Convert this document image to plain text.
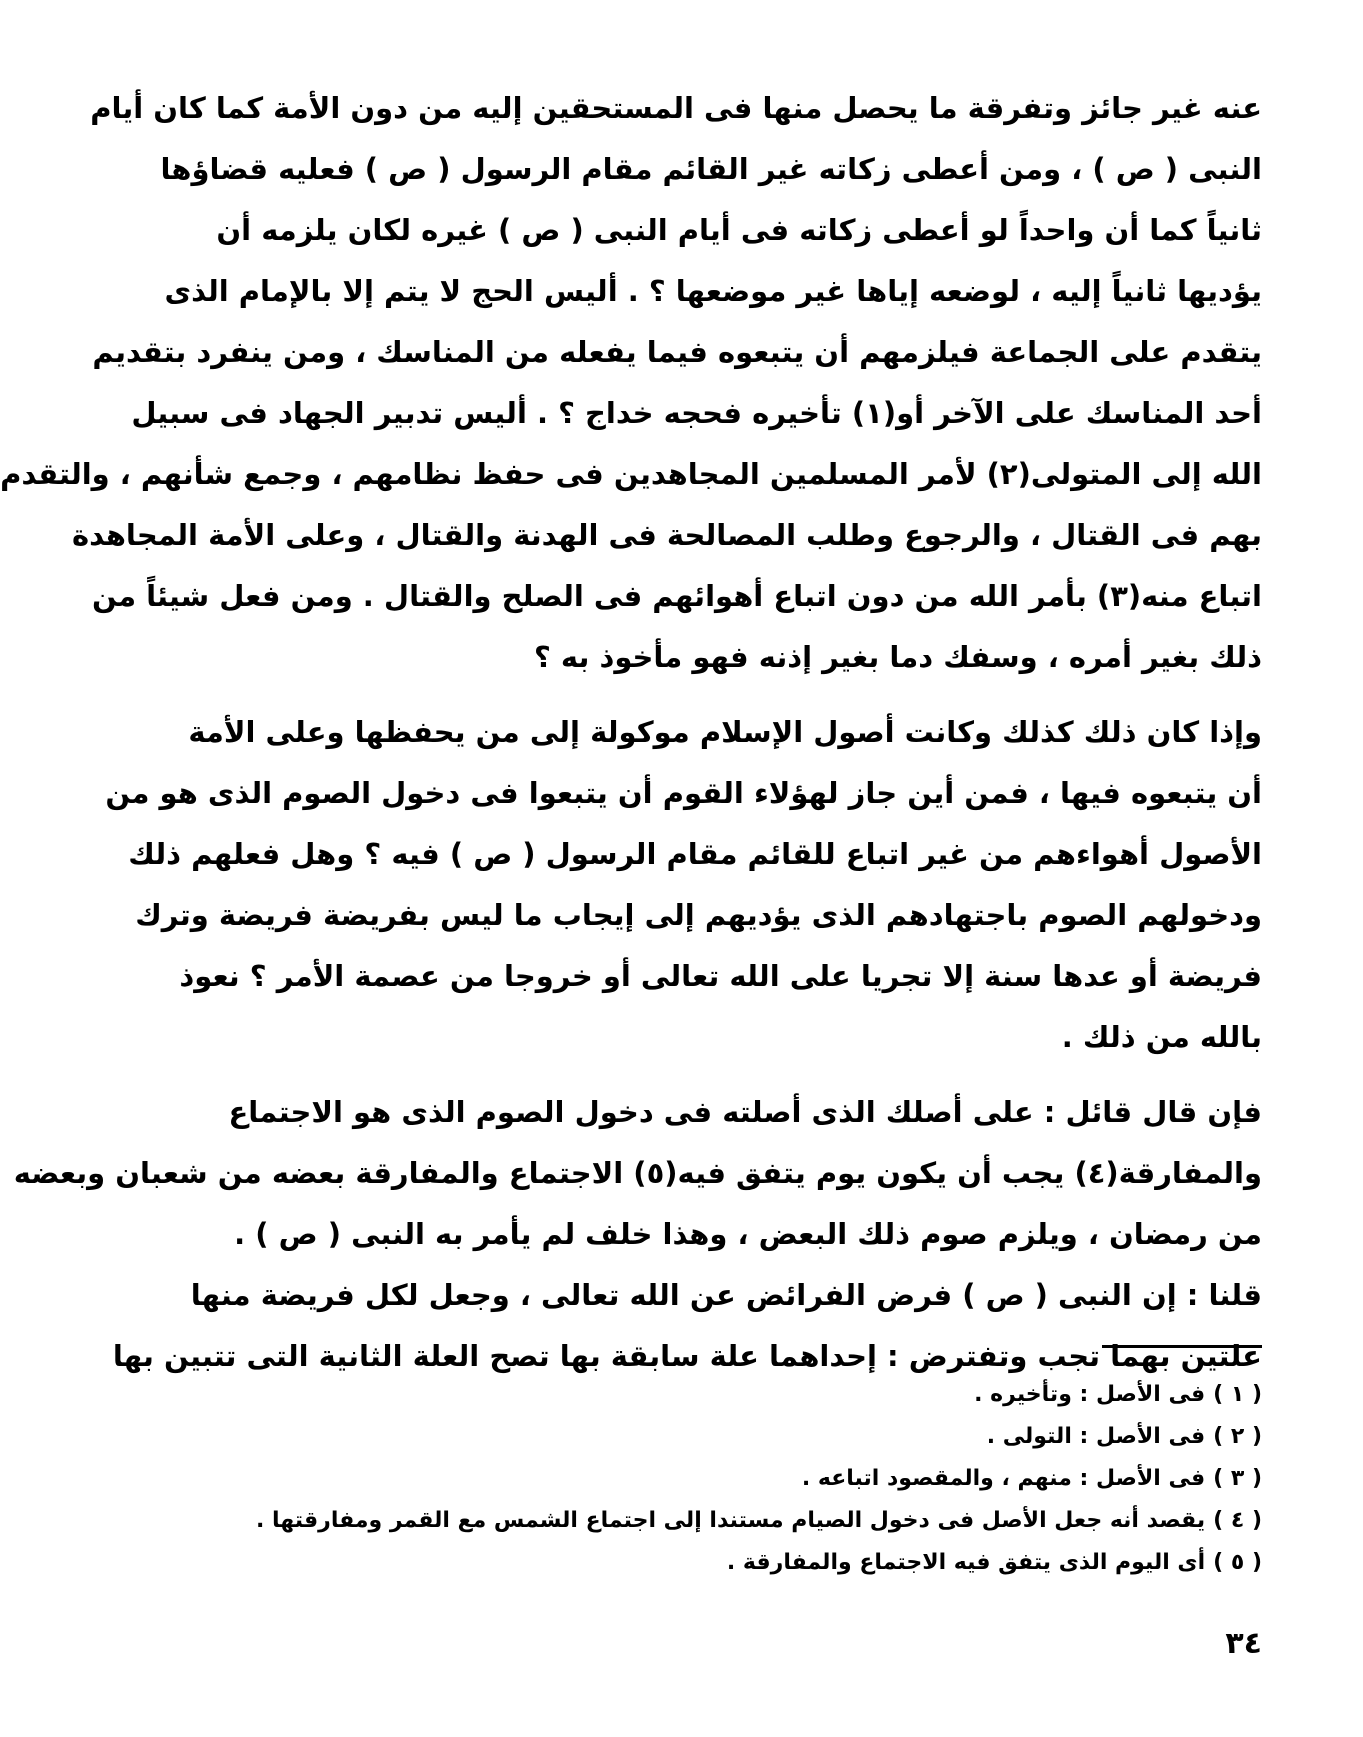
عنه غير جائز وتفرقة ما يحصل منها فى المستحقين إليه من دون الأمة كما كان أيام
النبى ( ص ) ، ومن أعطى زكاته غير القائم مقام الرسول ( ص ) فعليه قضاؤها
ثانياً كما أن واحداً لو أعطى زكاته فى أيام النبى ( ص ) غيره لكان يلزمه أن
يؤديها ثانياً إليه ، لوضعه إياها غير موضعها ؟ . أليس الحج لا يتم إلا بالإمام الذى
يتقدم على الجماعة فيلزمهم أن يتبعوه فيما يفعله من المناسك ، ومن ينفرد بتقديم
أحد المناسك على الآخر أو(١) تأخيره فحجه خداج ؟ . أليس تدبير الجهاد فى سبيل
الله إلى المتولى(٢) لأمر المسلمين المجاهدين فى حفظ نظامهم ، وجمع شأنهم ، والتقدم
بهم فى القتال ، والرجوع وطلب المصالحة فى الهدنة والقتال ، وعلى الأمة المجاهدة
اتباع منه(٣) بأمر الله من دون اتباع أهوائهم فى الصلح والقتال . ومن فعل شيئاً من
ذلك بغير أمره ، وسفك دما بغير إذنه فهو مأخوذ به ؟

وإذا كان ذلك كذلك وكانت أصول الإسلام موكولة إلى من يحفظها وعلى الأمة
أن يتبعوه فيها ، فمن أين جاز لهؤلاء القوم أن يتبعوا فى دخول الصوم الذى هو من
الأصول أهواءهم من غير اتباع للقائم مقام الرسول ( ص ) فيه ؟ وهل فعلهم ذلك
ودخولهم الصوم باجتهادهم الذى يؤديهم إلى إيجاب ما ليس بفريضة فريضة وترك
فريضة أو عدها سنة إلا تجريا على الله تعالى أو خروجا من عصمة الأمر ؟ نعوذ
بالله من ذلك .

فإن قال قائل : على أصلك الذى أصلته فى دخول الصوم الذى هو الاجتماع
والمفارقة(٤) يجب أن يكون يوم يتفق فيه(٥) الاجتماع والمفارقة بعضه من شعبان وبعضه
من رمضان ، ويلزم صوم ذلك البعض ، وهذا خلف لم يأمر به النبى ( ص ) .
قلنا : إن النبى ( ص ) فرض الفرائض عن الله تعالى ، وجعل لكل فريضة منها
علتين بهما تجب وتفترض : إحداهما علة سابقة بها تصح العلة الثانية التى تتبين بها

( ١ )
فى الأصل : وتأخيره .
( ٢ )
فى الأصل : التولى .
( ٣ )
فى الأصل : منهم ، والمقصود اتباعه .
( ٤ )
يقصد أنه جعل الأصل فى دخول الصيام مستندا إلى اجتماع الشمس مع القمر ومفارقتها .
( ٥ )
أى اليوم الذى يتفق فيه الاجتماع والمفارقة .
٣٤
